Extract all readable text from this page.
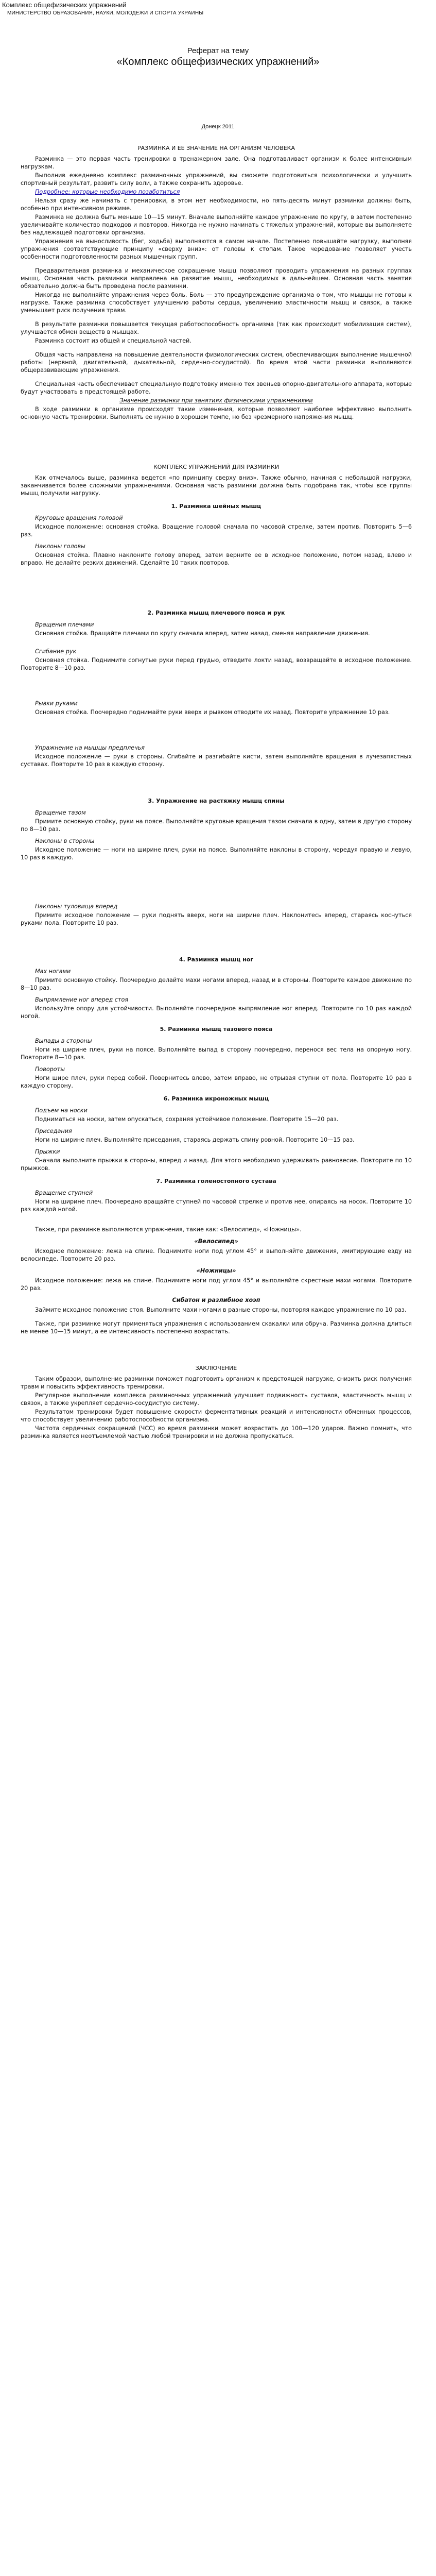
Комплекс общефизических упражнений
МИНИСТЕРСТВО ОБРАЗОВАНИЯ, НАУКИ, МОЛОДЕЖИ И СПОРТА УКРАИНЫ
Реферат на тему
«Комплекс общефизических упражнений»
Донецк 2011
РАЗМИНКА И ЕЕ ЗНАЧЕНИЕ НА ОРГАНИЗМ ЧЕЛОВЕКА

Разминка — это первая часть тренировки в тренажерном зале. Она подготавливает организм к более интенсивным нагрузкам.

Выполнив ежедневно комплекс разминочных упражнений, вы сможете подготовиться психологически и улучшить спортивный результат, развить силу воли, а также сохранить здоровье.

Подробнее: которые необходимо позаботиться

Нельзя сразу же начинать с тренировки, в этом нет необходимости, но пять-десять минут разминки должны быть, особенно при интенсивном режиме.

Разминка не должна быть меньше 10—15 минут. Вначале выполняйте каждое упражнение по кругу, в затем постепенно увеличивайте количество подходов и повторов. Никогда не нужно начинать с тяжелых упражнений, которые вы выполняете без надлежащей подготовки организма.

Упражнения на выносливость (бег, ходьба) выполняются в самом начале. Постепенно повышайте нагрузку, выполняя упражнения соответствующие принципу «сверху вниз»: от головы к стопам. Такое чередование позволяет учесть особенности подготовленности разных мышечных групп.

Предварительная разминка и механическое сокращение мышц позволяют проводить упражнения на разных группах мышц. Основная часть разминки направлена на развитие мышц, необходимых в дальнейшем. Основная часть занятия обязательно должна быть проведена после разминки.

Никогда не выполняйте упражнения через боль. Боль — это предупреждение организма о том, что мышцы не готовы к нагрузке. Также разминка способствует улучшению работы сердца, увеличению эластичности мышц и связок, а также уменьшает риск получения травм.

В результате разминки повышается текущая работоспособность организма (так как происходит мобилизация систем), улучшается обмен веществ в мышцах.

Разминка состоит из общей и специальной частей.

Общая часть направлена на повышение деятельности физиологических систем, обеспечивающих выполнение мышечной работы (нервной, двигательной, дыхательной, сердечно-сосудистой). Во время этой части разминки выполняются общеразвивающие упражнения.

Специальная часть обеспечивает специальную подготовку именно тех звеньев опорно-двигательного аппарата, которые будут участвовать в предстоящей работе.

Значение разминки при занятиях физическими упражнениями

В ходе разминки в организме происходят такие изменения, которые позволяют наиболее эффективно выполнить основную часть тренировки. Выполнять ее нужно в хорошем темпе, но без чрезмерного напряжения мышц.

КОМПЛЕКС УПРАЖНЕНИЙ ДЛЯ РАЗМИНКИ

Как отмечалось выше, разминка ведется «по принципу сверху вниз». Также обычно, начиная с небольшой нагрузки, заканчивается более сложными упражнениями. Основная часть разминки должна быть подобрана так, чтобы все группы мышц получили нагрузку.

1. Разминка шейных мышц
Круговые вращения головой

Исходное положение: основная стойка. Вращение головой сначала по часовой стрелке, затем против. Повторить 5—6 раз.

Наклоны головы

Основная стойка. Плавно наклоните голову вперед, затем верните ее в исходное положение, потом назад, влево и вправо. Не делайте резких движений. Сделайте 10 таких повторов.

2. Разминка мышц плечевого пояса и рук
Вращения плечами

Основная стойка. Вращайте плечами по кругу сначала вперед, затем назад, сменяя направление движения.

Сгибание рук

Основная стойка. Поднимите согнутые руки перед грудью, отведите локти назад, возвращайте в исходное положение. Повторите 8—10 раз.

Рывки руками

Основная стойка. Поочередно поднимайте руки вверх и рывком отводите их назад. Повторите упражнение 10 раз.

Упражнение на мышцы предплечья

Исходное положение — руки в стороны. Сгибайте и разгибайте кисти, затем выполняйте вращения в лучезапястных суставах. Повторите 10 раз в каждую сторону.

3. Упражнение на растяжку мышц спины
Вращение тазом

Примите основную стойку, руки на поясе. Выполняйте круговые вращения тазом сначала в одну, затем в другую сторону по 8—10 раз.

Наклоны в стороны

Исходное положение — ноги на ширине плеч, руки на поясе. Выполняйте наклоны в сторону, чередуя правую и левую, 10 раз в каждую.

Наклоны туловища вперед

Примите исходное положение — руки поднять вверх, ноги на ширине плеч. Наклонитесь вперед, стараясь коснуться руками пола. Повторите 10 раз.

4. Разминка мышц ног
Мах ногами

Примите основную стойку. Поочередно делайте махи ногами вперед, назад и в стороны. Повторите каждое движение по 8—10 раз.

Выпрямление ног вперед стоя

Используйте опору для устойчивости. Выполняйте поочередное выпрямление ног вперед. Повторите по 10 раз каждой ногой.

5. Разминка мышц тазового пояса
Выпады в стороны

Ноги на ширине плеч, руки на поясе. Выполняйте выпад в сторону поочередно, перенося вес тела на опорную ногу. Повторите 8—10 раз.

Повороты

Ноги шире плеч, руки перед собой. Повернитесь влево, затем вправо, не отрывая ступни от пола. Повторите 10 раз в каждую сторону.

6. Разминка икроножных мышц
Подъем на носки

Подниматься на носки, затем опускаться, сохраняя устойчивое положение. Повторите 15—20 раз.

Приседания

Ноги на ширине плеч. Выполняйте приседания, стараясь держать спину ровной. Повторите 10—15 раз.

Прыжки

Сначала выполните прыжки в стороны, вперед и назад. Для этого необходимо удерживать равновесие. Повторите по 10 прыжков.

7. Разминка голеностопного сустава
Вращение ступней

Ноги на ширине плеч. Поочередно вращайте ступней по часовой стрелке и против нее, опираясь на носок. Повторите 10 раз каждой ногой.

Также, при разминке выполняются упражнения, такие как: «Велосипед», «Ножницы».

«Велосипед»

Исходное положение: лежа на спине. Поднимите ноги под углом 45° и выполняйте движения, имитирующие езду на велосипеде. Повторите 20 раз.

«Ножницы»

Исходное положение: лежа на спине. Поднимите ноги под углом 45° и выполняйте скрестные махи ногами. Повторите 20 раз.

Сибатон и разлибное хоэп

Займите исходное положение стоя. Выполните махи ногами в разные стороны, повторяя каждое упражнение по 10 раз.

Также, при разминке могут применяться упражнения с использованием скакалки или обруча. Разминка должна длиться не менее 10—15 минут, а ее интенсивность постепенно возрастать.

ЗАКЛЮЧЕНИЕ

Таким образом, выполнение разминки поможет подготовить организм к предстоящей нагрузке, снизить риск получения травм и повысить эффективность тренировки.

Регулярное выполнение комплекса разминочных упражнений улучшает подвижность суставов, эластичность мышц и связок, а также укрепляет сердечно-сосудистую систему.

Результатом тренировки будет повышение скорости ферментативных реакций и интенсивности обменных процессов, что способствует увеличению работоспособности организма.

Частота сердечных сокращений (ЧСС) во время разминки может возрастать до 100—120 ударов. Важно помнить, что разминка является неотъемлемой частью любой тренировки и не должна пропускаться.
